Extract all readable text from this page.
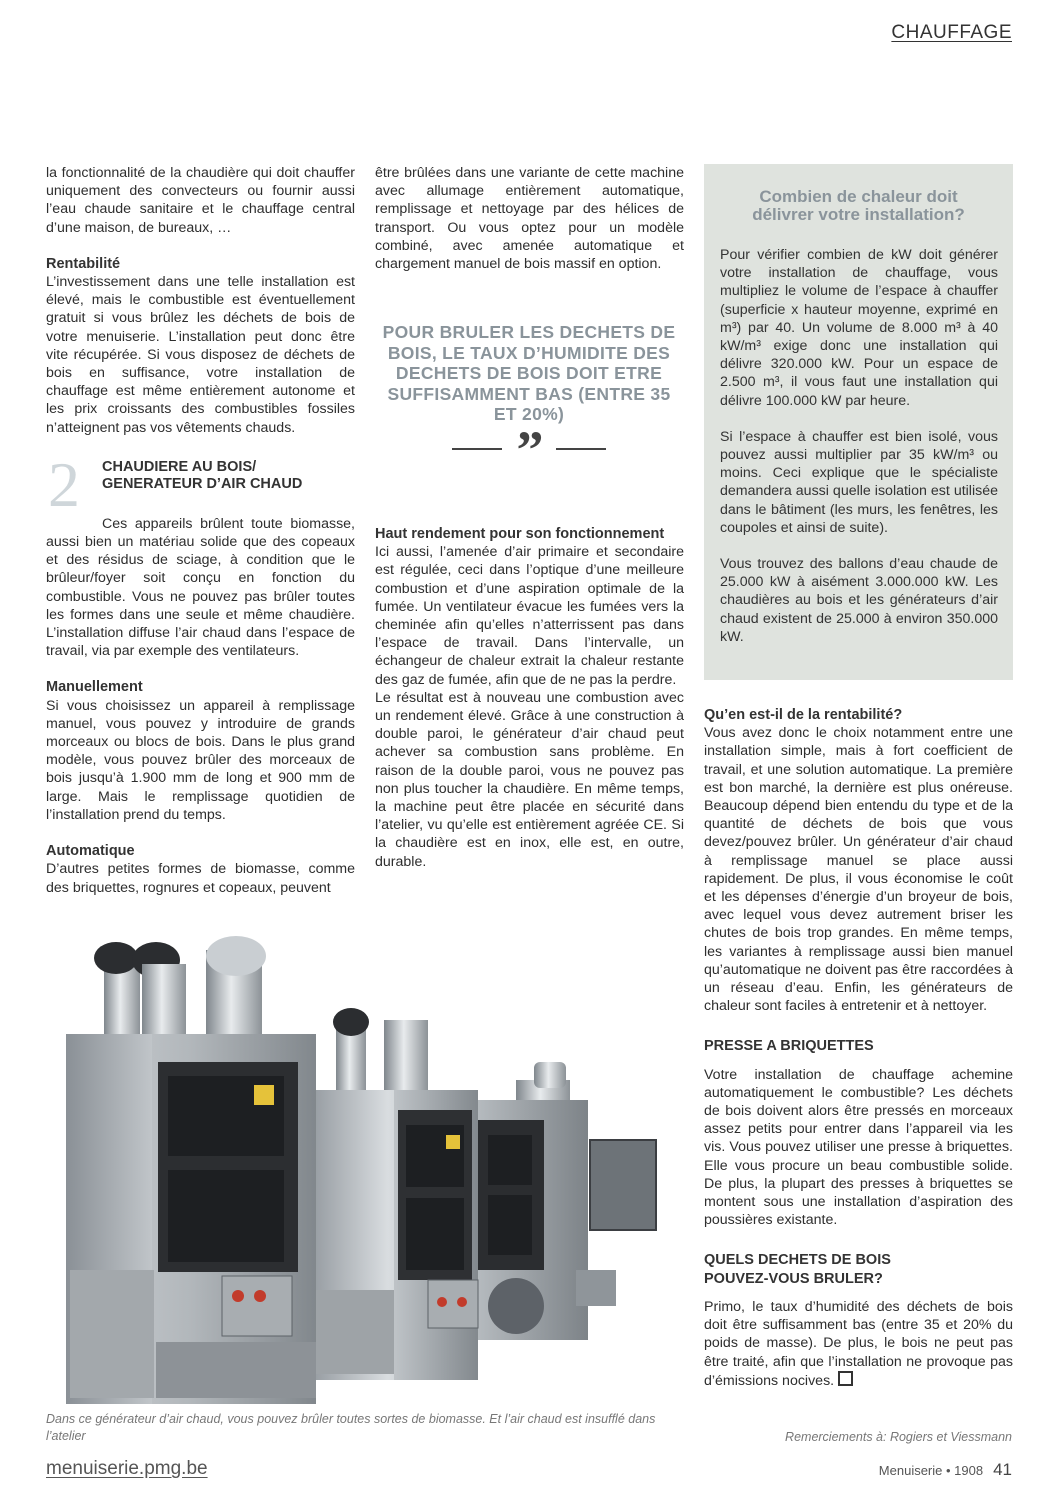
CHAUFFAGE

la fonctionnalité de la chaudière qui doit chauffer uniquement des convecteurs ou fournir aussi l’eau chaude sanitaire et le chauffage central d’une maison, de bureaux, …

Rentabilité

L’investissement dans une telle installation est élevé, mais le combustible est éventuellement gratuit si vous brûlez les déchets de bois de votre menuiserie. L’installation peut donc être vite récupérée. Si vous disposez de déchets de bois en suffisance, votre installation de chauffage est même entièrement autonome et les prix croissants des combustibles fossiles n’atteignent pas vos vêtements chauds.

2 CHAUDIERE AU BOIS/
GENERATEUR D’AIR CHAUD

Ces appareils brûlent toute biomasse, aussi bien un matériau solide que des copeaux et des résidus de sciage, à condition que le brûleur/foyer soit conçu en fonction du combustible. Vous ne pouvez pas brûler toutes les formes dans une seule et même chaudière. L’installation diffuse l’air chaud dans l’espace de travail, via par exemple des ventilateurs.

Manuellement

Si vous choisissez un appareil à remplissage manuel, vous pouvez y introduire de grands morceaux ou blocs de bois. Dans le plus grand modèle, vous pouvez brûler des morceaux de bois jusqu’à 1.900 mm de long et 900 mm de large. Mais le remplissage quotidien de l’installation prend du temps.

Automatique

D’autres petites formes de biomasse, comme des briquettes, rognures et copeaux, peuvent

être brûlées dans une variante de cette machine avec allumage entièrement automatique, remplissage et nettoyage par des hélices de transport. Ou vous optez pour un modèle combiné, avec amenée automatique et chargement manuel de bois massif en option.

POUR BRULER LES DECHETS DE BOIS, LE TAUX D’HUMIDITE DES DECHETS DE BOIS DOIT ETRE SUFFISAMMENT BAS (ENTRE 35 ET 20%)
”

Haut rendement pour son fonctionnement

Ici aussi, l’amenée d’air primaire et secondaire est régulée, ceci dans l’optique d’une meilleure combustion et d’une aspiration optimale de la fumée. Un ventilateur évacue les fumées vers la cheminée afin qu’elles n’atterrissent pas dans l’espace de travail. Dans l’intervalle, un échangeur de chaleur extrait la chaleur restante des gaz de fumée, afin que de ne pas la perdre.

Le résultat est à nouveau une combustion avec un rendement élevé. Grâce à une construction à double paroi, le générateur d’air chaud peut achever sa combustion sans problème. En raison de la double paroi, vous ne pouvez pas non plus toucher la chaudière. En même temps, la machine peut être placée en sécurité dans l’atelier, vu qu’elle est entièrement agréée CE. Si la chaudière est en inox, elle est, en outre, durable.

Combien de chaleur doit
délivrer votre installation?

Pour vérifier combien de kW doit générer votre installation de chauffage, vous multipliez le volume de l’espace à chauffer (superficie x hauteur moyenne, exprimé en m³) par 40. Un volume de 8.000 m³ à 40 kW/m³ exige donc une installation qui délivre 320.000 kW. Pour un espace de 2.500 m³, il vous faut une installation qui délivre 100.000 kW par heure.

Si l’espace à chauffer est bien isolé, vous pouvez aussi multiplier par 35 kW/m³ ou moins. Ceci explique que le spécialiste demandera aussi quelle isolation est utilisée dans le bâtiment (les murs, les fenêtres, les coupoles et ainsi de suite).

Vous trouvez des ballons d’eau chaude de 25.000 kW à aisément 3.000.000 kW. Les chaudières au bois et les générateurs d’air chaud existent de 25.000 à environ 350.000 kW.

Qu’en est-il de la rentabilité?

Vous avez donc le choix notamment entre une installation simple, mais à fort coefficient de travail, et une solution automatique. La première est bon marché, la dernière est plus onéreuse. Beaucoup dépend bien entendu du type et de la quantité de déchets de bois que vous devez/pouvez brûler. Un générateur d’air chaud à remplissage manuel se place aussi rapidement. De plus, il vous économise le coût et les dépenses d’énergie d’un broyeur de bois, avec lequel vous devez autrement briser les chutes de bois trop grandes. En même temps, les variantes à remplissage aussi bien manuel qu’automatique ne doivent pas être raccordées à un réseau d’eau. Enfin, les générateurs de chaleur sont faciles à entretenir et à nettoyer.

PRESSE A BRIQUETTES

Votre installation de chauffage achemine automatiquement le combustible? Les déchets de bois doivent alors être pressés en morceaux assez petits pour entrer dans l’appareil via les vis. Vous pouvez utiliser une presse à briquettes. Elle vous procure un beau combustible solide. De plus, la plupart des presses à briquettes se montent sous une installation d’aspiration des poussières existante.

QUELS DECHETS DE BOIS
POUVEZ-VOUS BRULER?

Primo, le taux d’humidité des déchets de bois doit être suffisamment bas (entre 35 et 20% du poids de masse). De plus, le bois ne peut pas être traité, afin que l’installation ne provoque pas d’émissions nocives.

Dans ce générateur d’air chaud, vous pouvez brûler toutes sortes de biomasse. Et l’air chaud est insufflé dans l’atelier	Remerciements à: Rogiers et Viessmann
menuiserie.pmg.be	Menuiserie • 1908 41
